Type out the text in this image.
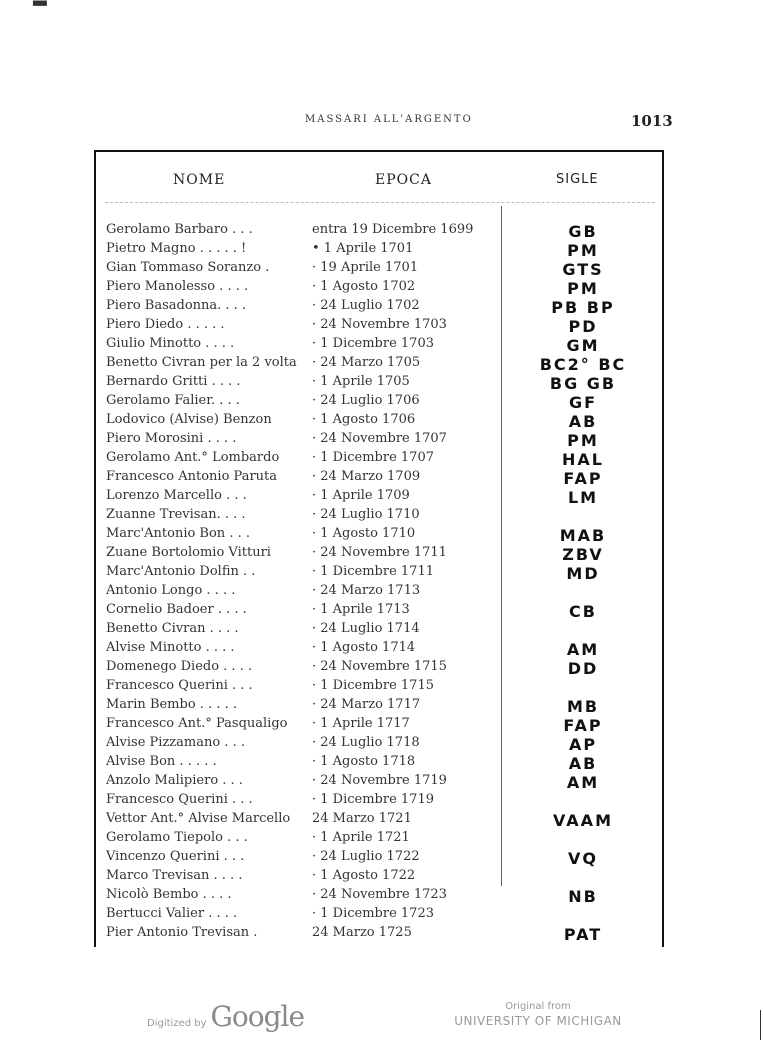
▀▀
MASSARI ALL'ARGENTO	1013
NOME	EPOCA	SIGLE
Gerolamo Barbaro . . .	entra 19 Dicembre 1699	GB
Pietro Magno . . . . . !	• 1 Aprile 1701	PM
Gian Tommaso Soranzo .	· 19 Aprile 1701	GTS
Piero Manolesso . . . .	· 1 Agosto 1702	PM
Piero Basadonna. . . .	· 24 Luglio 1702	PB BP
Piero Diedo . . . . .	· 24 Novembre 1703	PD
Giulio Minotto . . . .	· 1 Dicembre 1703	GM
Benetto Civran per la 2 volta · 24 Marzo 1705	BC2° BC
Bernardo Gritti . . . .	· 1 Aprile 1705	BG GB
Gerolamo Falier. . . .	· 24 Luglio 1706	GF
Lodovico (Alvise) Benzon	· 1 Agosto 1706	AB
Piero Morosini . . . .	· 24 Novembre 1707	PM
Gerolamo Ant.° Lombardo	· 1 Dicembre 1707	HAL
Francesco Antonio Paruta	· 24 Marzo 1709	FAP
Lorenzo Marcello . . .	· 1 Aprile 1709	LM
Zuanne Trevisan. . . .	· 24 Luglio 1710
Marc'Antonio Bon . . .	· 1 Agosto 1710	MAB
Zuane Bortolomio Vitturi	· 24 Novembre 1711	ZBV
Marc'Antonio Dolfin . .	· 1 Dicembre 1711	MD
Antonio Longo . . . .	· 24 Marzo 1713
Cornelio Badoer . . . .	· 1 Aprile 1713	CB
Benetto Civran . . . .	· 24 Luglio 1714
Alvise Minotto . . . .	· 1 Agosto 1714	AM
Domenego Diedo . . . .	· 24 Novembre 1715	DD
Francesco Querini . . .	· 1 Dicembre 1715
Marin Bembo . . . . .	· 24 Marzo 1717	MB
Francesco Ant.° Pasqualigo · 1 Aprile 1717	FAP
Alvise Pizzamano . . .	· 24 Luglio 1718	AP
Alvise Bon . . . . .	· 1 Agosto 1718	AB
Anzolo Malipiero . . .	· 24 Novembre 1719	AM
Francesco Querini . . .	· 1 Dicembre 1719
Vettor Ant.° Alvise Marcello 24 Marzo 1721	VAAM
Gerolamo Tiepolo . . .	· 1 Aprile 1721
Vincenzo Querini . . .	· 24 Luglio 1722	VQ
Marco Trevisan . . . .	· 1 Agosto 1722
Nicolò Bembo . . . .	· 24 Novembre 1723	NB
Bertucci Valier . . . .	· 1 Dicembre 1723
Pier Antonio Trevisan .	24 Marzo 1725	PAT
Digitized by Google	Original from
UNIVERSITY OF MICHIGAN
